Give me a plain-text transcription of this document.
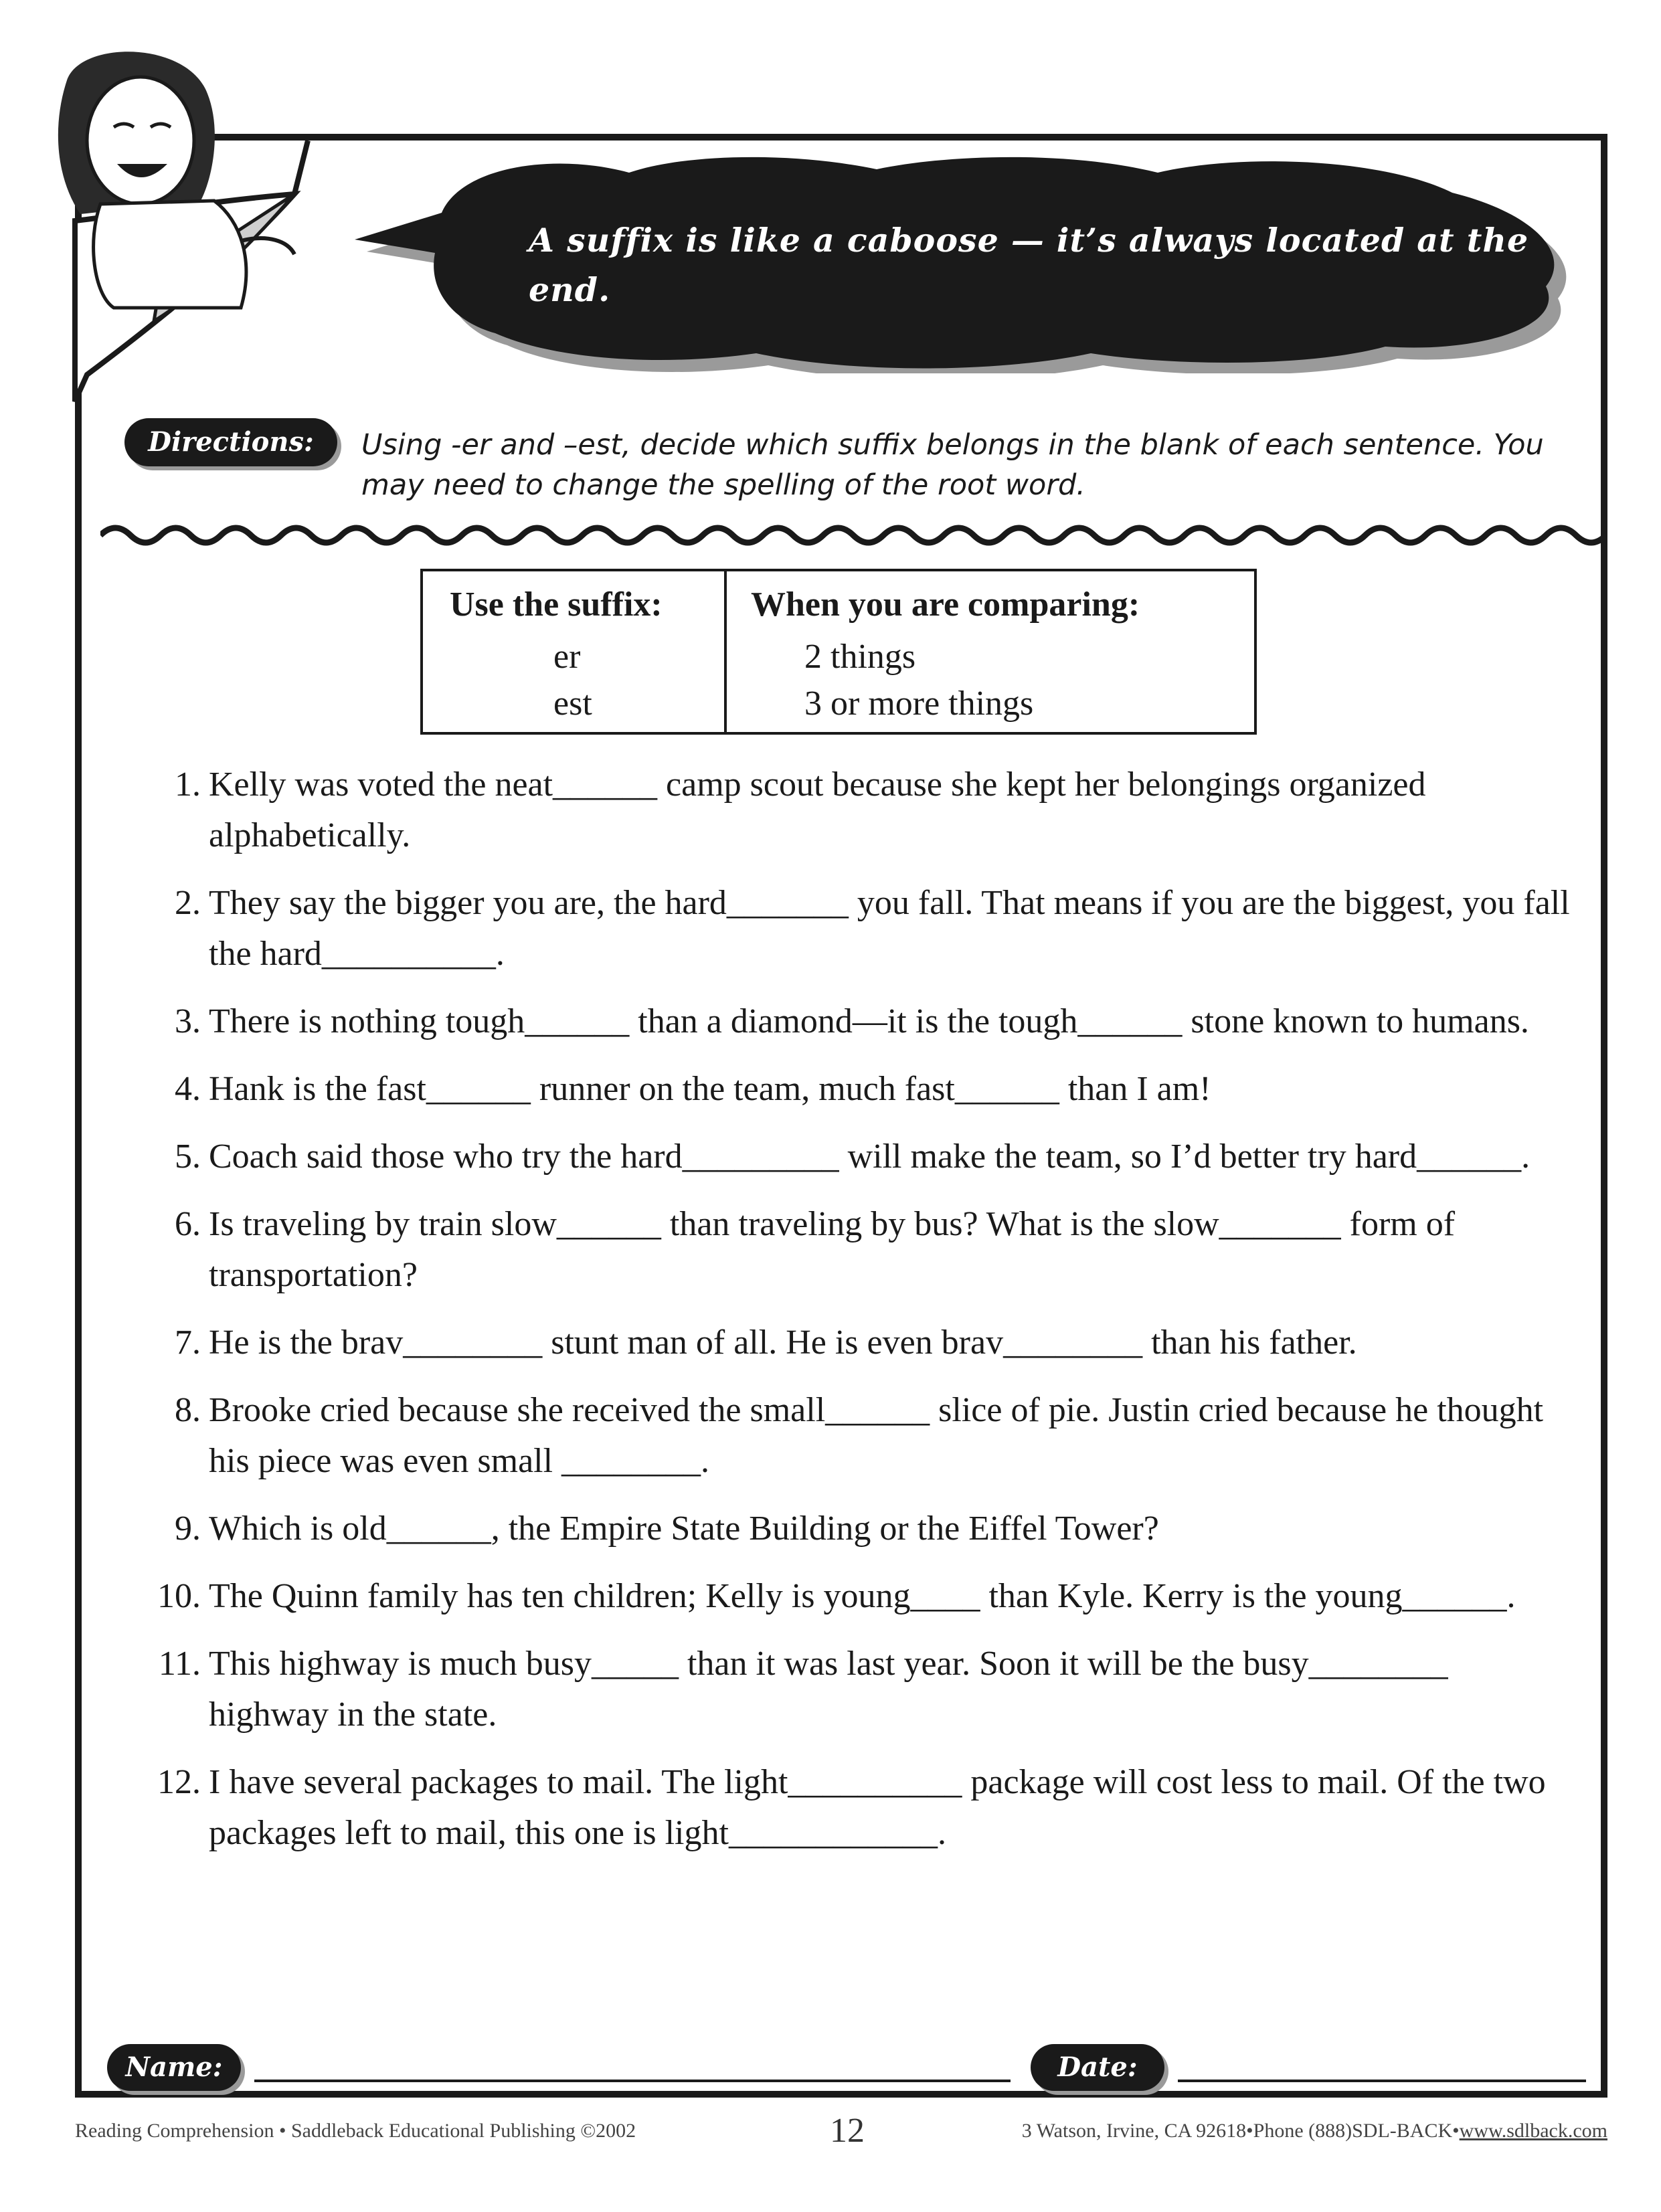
A suffix is like a caboose — it’s always located at the end.
Directions:	Using -er and –est, decide which suffix belongs in the blank of each sentence. You may need to change the spelling of the root word.
Use the suffix:	When you are comparing:
er	2 things
est	3 or more things
1. Kelly was voted the neat______ camp scout because she kept her belongings organized alphabetically.
2. They say the bigger you are, the hard_______ you fall. That means if you are the biggest, you fall the hard__________.
3. There is nothing tough______ than a diamond—it is the tough______ stone known to humans.
4. Hank is the fast______ runner on the team, much fast______ than I am!
5. Coach said those who try the hard_________ will make the team, so I’d better try hard______.
6. Is traveling by train slow______ than traveling by bus? What is the slow_______ form of transportation?
7. He is the brav________ stunt man of all. He is even brav________ than his father.
8. Brooke cried because she received the small______ slice of pie. Justin cried because he thought his piece was even small ________.
9. Which is old______, the Empire State Building or the Eiffel Tower?
10. The Quinn family has ten children; Kelly is young____ than Kyle. Kerry is the young______.
11. This highway is much busy_____ than it was last year. Soon it will be the busy________ highway in the state.
12. I have several packages to mail. The light__________ package will cost less to mail. Of the two packages left to mail, this one is light____________.
Name:	Date:
Reading Comprehension • Saddleback Educational Publishing ©2002	12	3 Watson, Irvine, CA 92618•Phone (888)SDL-BACK•www.sdlback.com
